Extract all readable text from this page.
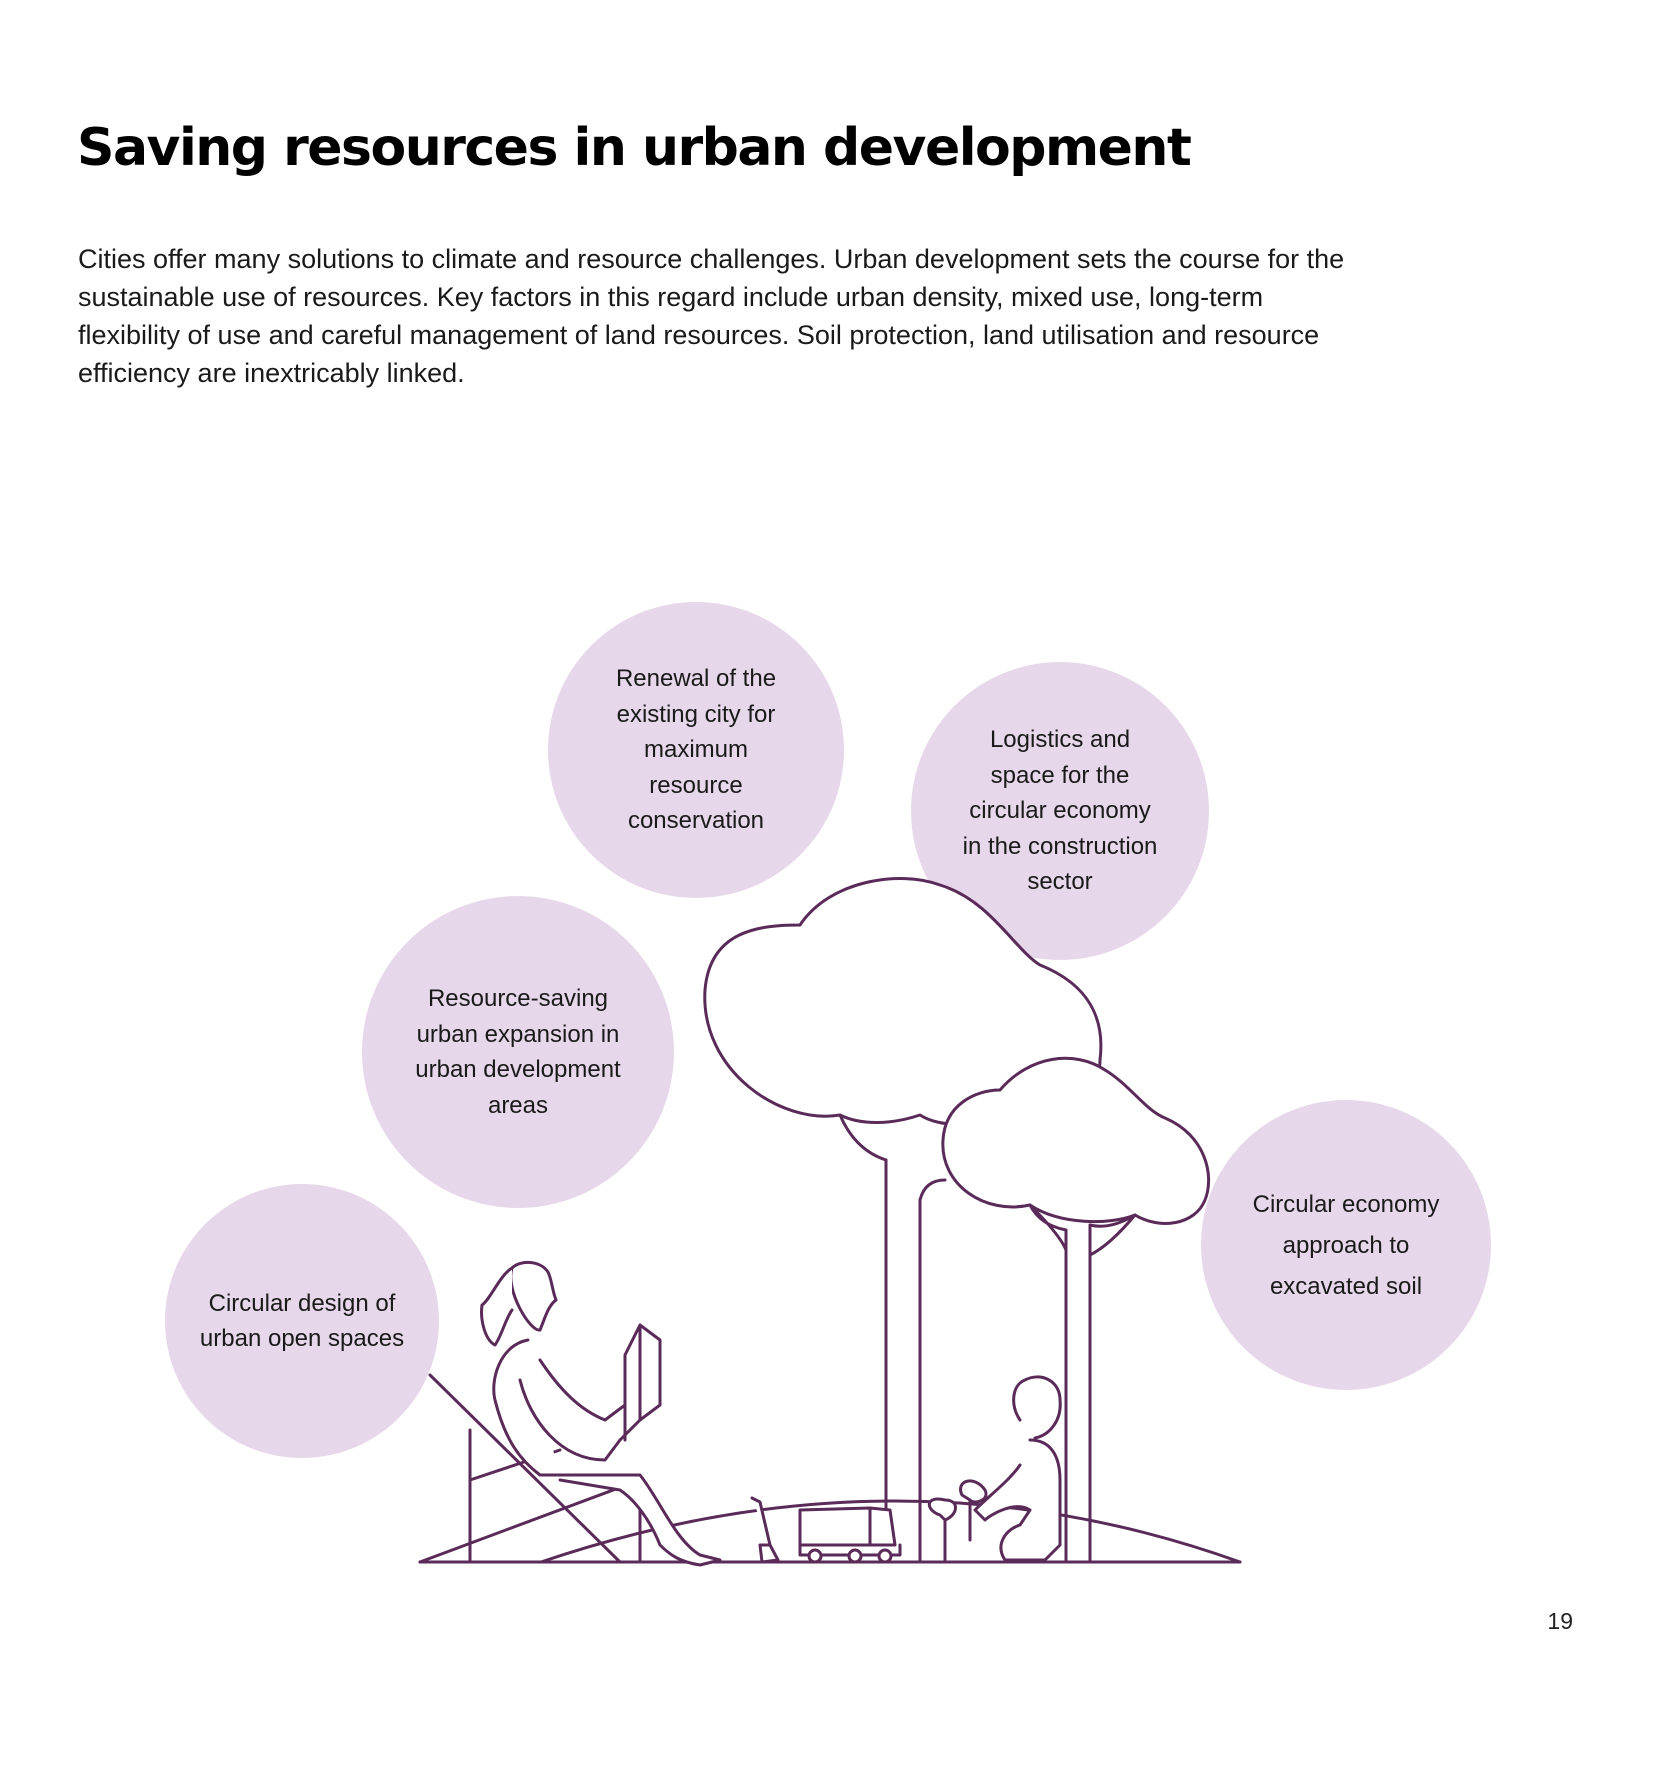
Saving resources in urban development

Cities offer many solutions to climate and resource challenges. Urban development sets the course for the
sustainable use of resources. Key factors in this regard include urban density, mixed use, long-term
flexibility of use and careful management of land resources. Soil protection, land utilisation and resource
efficiency are inextricably linked.

Renewal of the
existing city for
maximum
resource
conservation
Logistics and
space for the
circular economy
in the construction
sector
Resource-saving
urban expansion in
urban development
areas
Circular design of
urban open spaces
Circular economy
approach to
excavated soil
19
